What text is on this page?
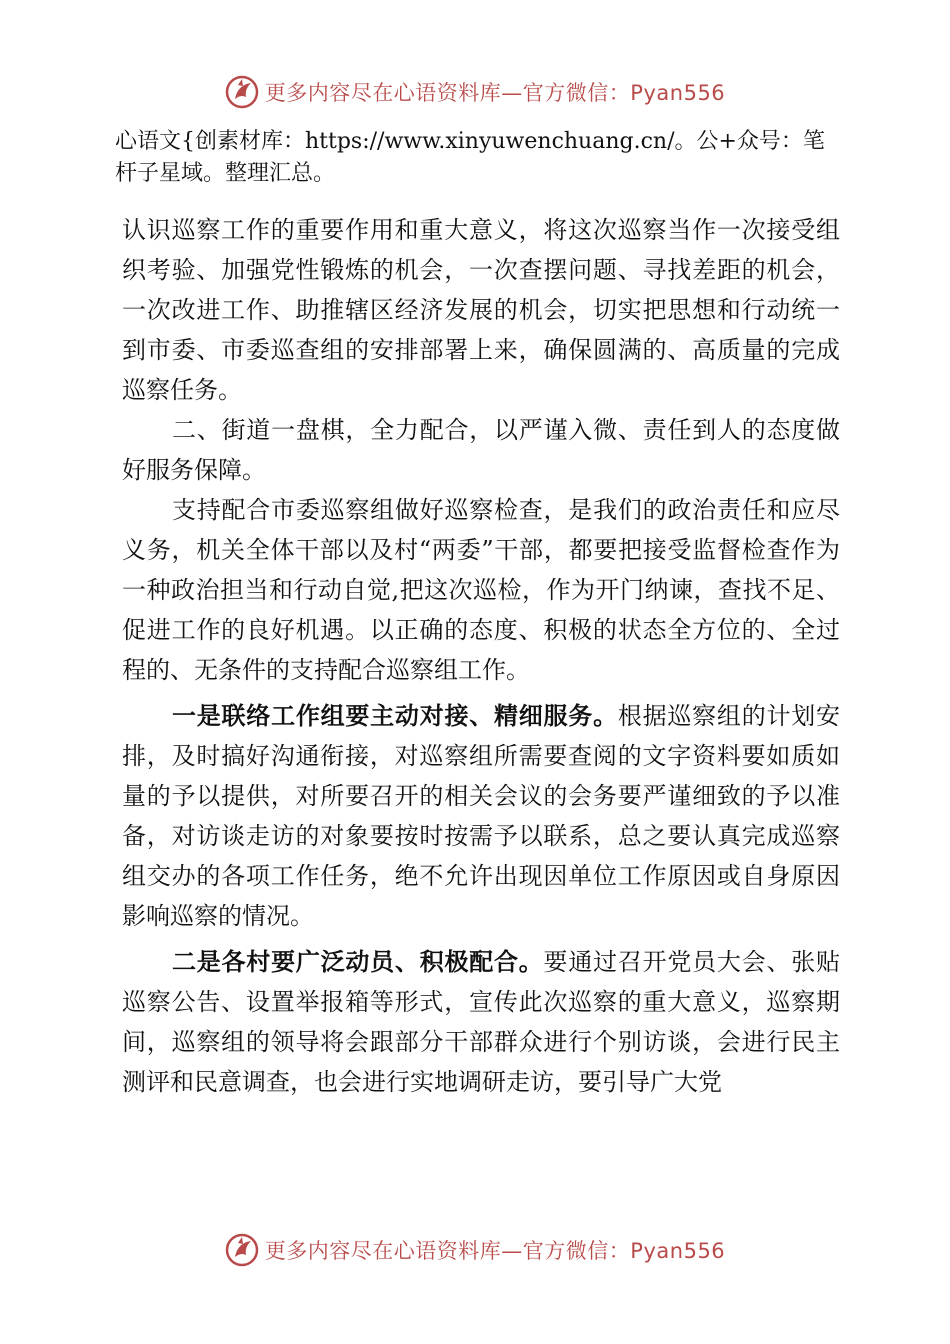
更多内容尽在心语资料库—官方微信：Pyan556
心语文{创素材库：https://www.xinyuwenchuang.cn/。公+众号：笔杆子星域。整理汇总。

认识巡察工作的重要作用和重大意义，将这次巡察当作一次接受组织考验、加强党性锻炼的机会，一次查摆问题、寻找差距的机会，一次改进工作、助推辖区经济发展的机会，切实把思想和行动统一到市委、市委巡查组的安排部署上来，确保圆满的、高质量的完成巡察任务。

二、街道一盘棋，全力配合，以严谨入微、责任到人的态度做好服务保障。

支持配合市委巡察组做好巡察检查，是我们的政治责任和应尽义务，机关全体干部以及村“两委”干部，都要把接受监督检查作为一种政治担当和行动自觉,把这次巡检，作为开门纳谏，查找不足、促进工作的良好机遇。以正确的态度、积极的状态全方位的、全过程的、无条件的支持配合巡察组工作。

一是联络工作组要主动对接、精细服务。根据巡察组的计划安排，及时搞好沟通衔接，对巡察组所需要查阅的文字资料要如质如量的予以提供，对所要召开的相关会议的会务要严谨细致的予以准备，对访谈走访的对象要按时按需予以联系，总之要认真完成巡察组交办的各项工作任务，绝不允许出现因单位工作原因或自身原因影响巡察的情况。

二是各村要广泛动员、积极配合。要通过召开党员大会、张贴巡察公告、设置举报箱等形式，宣传此次巡察的重大意义，巡察期间，巡察组的领导将会跟部分干部群众进行个别访谈，会进行民主测评和民意调查，也会进行实地调研走访，要引导广大党

更多内容尽在心语资料库—官方微信：Pyan556
